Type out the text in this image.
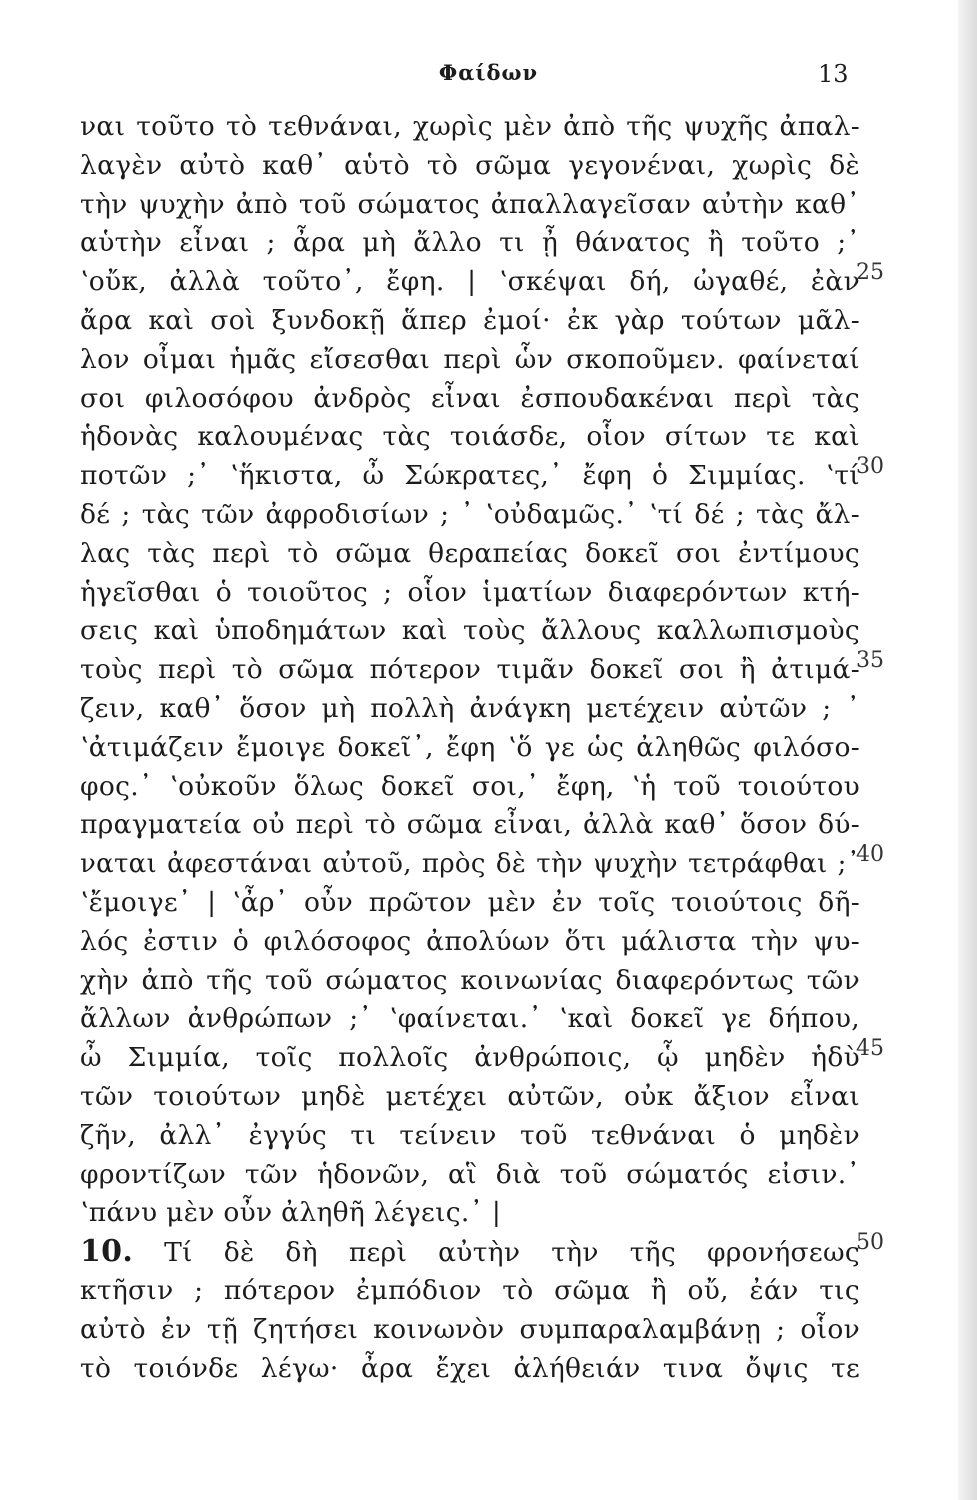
Φαίδων	13
ναι τοῦτο τὸ τεθνάναι, χωρὶς μὲν ἀπὸ τῆς ψυχῆς ἀπαλ-
λαγὲν αὐτὸ καθ᾽ αὑτὸ τὸ σῶμα γεγονέναι, χωρὶς δὲ
τὴν ψυχὴν ἀπὸ τοῦ σώματος ἀπαλλαγεῖσαν αὐτὴν καθ᾽
αὑτὴν εἶναι ; ἆρα μὴ ἄλλο τι ᾖ θάνατος ἢ τοῦτο ;᾽
ʽοὔκ, ἀλλὰ τοῦτο᾽, ἔφη. | ʽσκέψαι δή, ὠγαθέ, ἐὰν
ἄρα καὶ σοὶ ξυνδοκῇ ἅπερ ἐμοί· ἐκ γὰρ τούτων μᾶλ-
λον οἶμαι ἡμᾶς εἴσεσθαι περὶ ὧν σκοποῦμεν. φαίνεταί
σοι φιλοσόφου ἀνδρὸς εἶναι ἐσπουδακέναι περὶ τὰς
ἡδονὰς καλουμένας τὰς τοιάσδε, οἷον σίτων τε καὶ
ποτῶν ;᾽ ʽἥκιστα, ὦ Σώκρατες,᾽ ἔφη ὁ Σιμμίας. ʽτί
δέ ; τὰς τῶν ἀφροδισίων ; ᾽ ʽοὐδαμῶς.᾽ ʽτί δέ ; τὰς ἄλ-
λας τὰς περὶ τὸ σῶμα θεραπείας δοκεῖ σοι ἐντίμους
ἡγεῖσθαι ὁ τοιοῦτος ; οἷον ἱματίων διαφερόντων κτή-
σεις καὶ ὑποδημάτων καὶ τοὺς ἄλλους καλλωπισμοὺς
τοὺς περὶ τὸ σῶμα πότερον τιμᾶν δοκεῖ σοι ἢ ἀτιμά-
ζειν, καθ᾽ ὅσον μὴ πολλὴ ἀνάγκη μετέχειν αὐτῶν ; ᾽
ʽἀτιμάζειν ἔμοιγε δοκεῖ᾽, ἔφη ʽὅ γε ὡς ἀληθῶς φιλόσο-
φος.᾽ ʽοὐκοῦν ὅλως δοκεῖ σοι,᾽ ἔφη, ʽἡ τοῦ τοιούτου
πραγματεία οὐ περὶ τὸ σῶμα εἶναι, ἀλλὰ καθ᾽ ὅσον δύ-
ναται ἀφεστάναι αὐτοῦ, πρὸς δὲ τὴν ψυχὴν τετράφθαι ;᾽
ʽἔμοιγε᾽ | ʽἆρ᾽ οὖν πρῶτον μὲν ἐν τοῖς τοιούτοις δῆ-
λός ἐστιν ὁ φιλόσοφος ἀπολύων ὅτι μάλιστα τὴν ψυ-
χὴν ἀπὸ τῆς τοῦ σώματος κοινωνίας διαφερόντως τῶν
ἄλλων ἀνθρώπων ;᾽ ʽφαίνεται.᾽ ʽκαὶ δοκεῖ γε δήπου,
ὦ Σιμμία, τοῖς πολλοῖς ἀνθρώποις, ᾧ μηδὲν ἡδὺ
τῶν τοιούτων μηδὲ μετέχει αὐτῶν, οὐκ ἄξιον εἶναι
ζῆν, ἀλλ᾽ ἐγγύς τι τείνειν τοῦ τεθνάναι ὁ μηδὲν
φροντίζων τῶν ἡδονῶν, αἳ διὰ τοῦ σώματός εἰσιν.᾽
ʽπάνυ μὲν οὖν ἀληθῆ λέγεις.᾽ |
10. Τί δὲ δὴ περὶ αὐτὴν τὴν τῆς φρονήσεως
κτῆσιν ; πότερον ἐμπόδιον τὸ σῶμα ἢ οὔ, ἐάν τις
αὐτὸ ἐν τῇ ζητήσει κοινωνὸν συμπαραλαμβάνῃ ; οἷον
τὸ τοιόνδε λέγω· ἆρα ἔχει ἀλήθειάν τινα ὄψις τε
25
30
35
40
45
50
